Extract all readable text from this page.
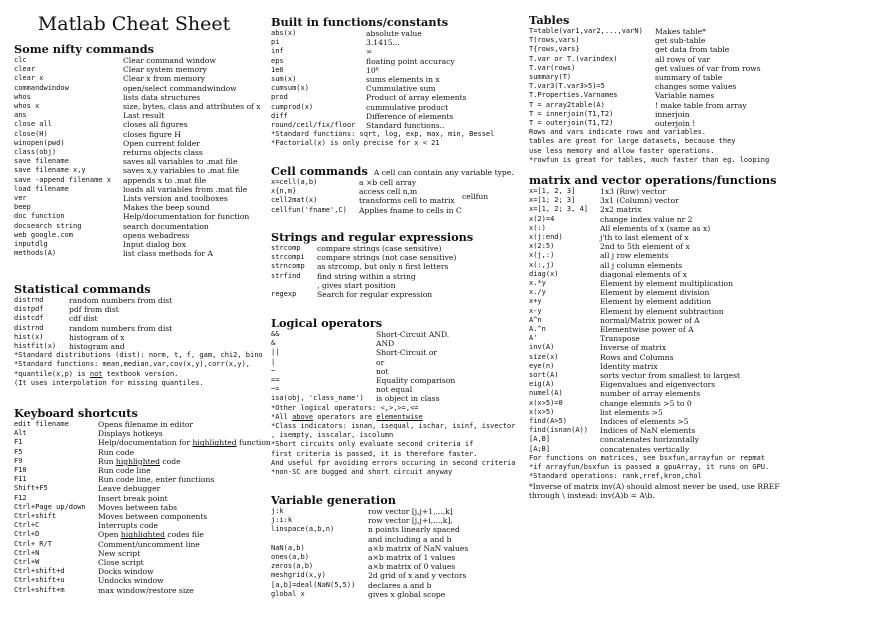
Matlab Cheat Sheet
Some nifty commands
clc	Clear command window
clear	Clear system memory
clear x	Clear x from memory
commandwindow	open/select commandwindow
whos	lists data structures
whos x	size, bytes, class and attributes of x
ans	Last result
close all	closes all figures
close(H)	closes figure H
winopen(pwd)	Open current folder
class(obj)	returns objects class
save filename	saves all variables to .mat file
save filename x,y	saves x,y variables to .mat file
save -append filename x	appends x to .mat file
load filename	loads all variables from .mat file
ver	Lists version and toolboxes
beep	Makes the beep sound
doc function	Help/documentation for function
docsearch string	search documentation
web google.com	opens webadress
inputdlg	Input dialog box
methods(A)	list class methods for A
Statistical commands
distrnd	random numbers from dist
distpdf	pdf from dist
distcdf	cdf dist
distrnd	random numbers from dist
hist(x)	histogram of x
histfit(x)	histogram and
*Standard distributions (dist): norm, t, f, gam, chi2, bino
*Standard functions: mean,median,var,cov(x,y),corr(x,y),
*quantile(x,p) is not textbook version.
(It uses interpolation for missing quantiles.
Keyboard shortcuts
edit filename	Opens filename in editor
Alt	Displays hotkeys
F1	Help/documentation for highlighted function
F5	Run code
F9	Run highlighted code
F10	Run code line
F11	Run code line, enter functions
Shift+F5	Leave debugger
F12	Insert break point
Ctrl+Page up/down	Moves between tabs
Ctrl+shift	Moves between components
Ctrl+C	Interrupts code
Ctrl+D	Open highlighted codes file
Ctrl+ R/T	Comment/uncomment line
Ctrl+N	New script
Ctrl+W	Close script
Ctrl+shift+d	Docks window
Ctrl+shift+u	Undocks window
Ctrl+shift+m	max window/restore size
Built in functions/constants
abs(x)	absolute value
pi	3.1415...
inf	∞
eps	floating point accuracy
1e6	10⁶
sum(x)	sums elements in x
cumsum(x)	Cummulative sum
prod	Product of array elements
cumprod(x)	cummulative product
diff	Difference of elements
round/ceil/fix/floor	Standard functions..
*Standard functions: sqrt, log, exp, max, min, Bessel
*Factorial(x) is only precise for x < 21
Cell commands A cell can contain any variable type.
x=cell(a,b)	a ×b cell array
x{n,m}	access cell n,m
cell2mat(x)	transforms cell to matrix
cellfun('fname',C)	Applies fname to cells in C
cellfun
Strings and regular expressions
strcomp	compare strings (case sensitive)
strcompi	compare strings (not case sensitive)
strncomp	as strcomp, but only n first letters
strfind	find string within a string
, gives start position
regexp	Search for regular expression
Logical operators
&&	Short-Circuit AND.
&	AND
||	Short-Circuit or
|	or
~	not
==	Equality comparison
~=	not equal
isa(obj, 'class_name')	is object in class
*Other logical operators: <,>,>=,<=
*All above operators are elementwise
*Class indicators: isnan, isequal, ischar, isinf, isvector
, isempty, isscalar, iscolumn
*Short circuits only evaluate second criteria if
first criteria is passed, it is therefore faster.
And useful fpr avoiding errors occuring in second criteria
*non-SC are bugged and short circuit anyway
Variable generation
j:k	row vector [j,j+1,...,k]
j:i:k	row vector [j,j+i,...,k],
linspace(a,b,n)	n points linearly spaced
and including a and b
NaN(a,b)	a×b matrix of NaN values
ones(a,b)	a×b matrix of 1 values
zeros(a,b)	a×b matrix of 0 values
meshgrid(x,y)	2d grid of x and y vectors
[a,b]=deal(NaN(5,5))	declares a and b
global x	gives x global scope
Tables
T=table(var1,var2,...,varN)	Makes table*
T(rows,vars)	get sub-table
T{rows,vars}	get data from table
T.var or T.(varindex)	all rows of var
T.var(rows)	get values of var from rows
summary(T)	summary of table
T.var3(T.var3>5)=5	changes some values
T.Properties.Varnames	Variable names
T = array2table(A)	! make table from array
T = innerjoin(T1,T2)	innerjoin
T = outerjoin(T1,T2)	outerjoin !
Rows and vars indicate rows and variables.
tables are great for large datasets, because they
use less memory and allow faster operations.
*rowfun is great for tables, much faster than eg. looping
matrix and vector operations/functions
x=[1, 2, 3]	1x3 (Row) vector
x=[1; 2; 3]	3x1 (Column) vector
x=[1, 2; 3, 4]	2x2 matrix
x(2)=4	change index value nr 2
x(:)	All elements of x (same as x)
x(j:end)	j'th to last element of x
x(2:5)	2nd to 5th element of x
x(j,:)	all j row elements
x(:,j)	all j column elements
diag(x)	diagonal elements of x
x.*y	Element by element multiplication
x./y	Element by element division
x+y	Element by element addition
x-y	Element by element subtraction
A^n	normal/Matrix power of A
A.^n	Elementwise power of A
A'	Transpose
inv(A)	Inverse of matrix
size(x)	Rows and Columns
eye(n)	Identity matrix
sort(A)	sorts vector from smallest to largest
eig(A)	Eigenvalues and eigenvectors
numel(A)	number of array elements
x(x>5)=0	change elemnts >5 to 0
x(x>5)	list elements >5
find(A>5)	Indices of elements >5
find(isnan(A))	Indices of NaN elements
[A,B]	concatenates horizontally
[A;B]	concatenates vertically
For functions on matrices, see bsxfun,arrayfun or repmat
*if arrayfun/bsxfun is passed a gpuArray, it runs on GPU.
*Standard operations: rank,rref,kron,chol
*Inverse of matrix inv(A) should almost never be used, use RREF
through \ instead: inv(A)b = A\b.
